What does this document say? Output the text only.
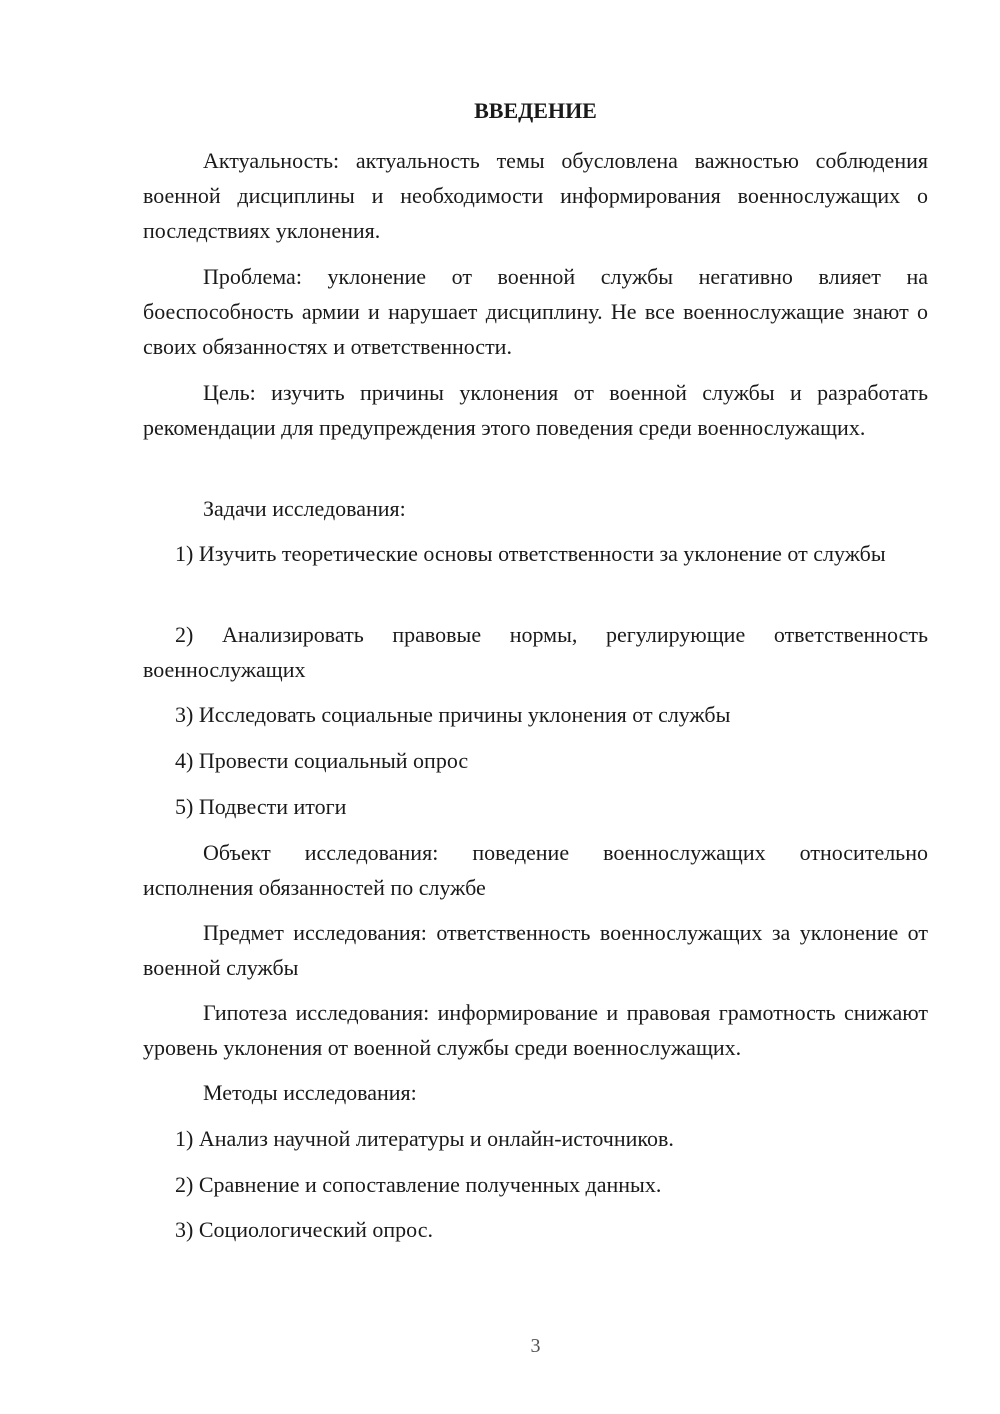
ВВЕДЕНИЕ

Актуальность: актуальность темы обусловлена важностью соблюдения военной дисциплины и необходимости информирования военнослужащих о последствиях уклонения.

Проблема: уклонение от военной службы негативно влияет на боеспособность армии и нарушает дисциплину. Не все военнослужащие знают о своих обязанностях и ответственности.

Цель: изучить причины уклонения от военной службы и разработать рекомендации для предупреждения этого поведения среди военнослужащих.

Задачи исследования:

1) Изучить теоретические основы ответственности за уклонение от службы
2) Анализировать правовые нормы, регулирующие ответственность военнослужащих
3) Исследовать социальные причины уклонения от службы
4) Провести социальный опрос
5) Подвести итоги

Объект исследования: поведение военнослужащих относительно исполнения обязанностей по службе

Предмет исследования: ответственность военнослужащих за уклонение от военной службы

Гипотеза исследования: информирование и правовая грамотность снижают уровень уклонения от военной службы среди военнослужащих.

Методы исследования:

1) Анализ научной литературы и онлайн-источников.
2) Сравнение и сопоставление полученных данных.
3) Социологический опрос.
3
